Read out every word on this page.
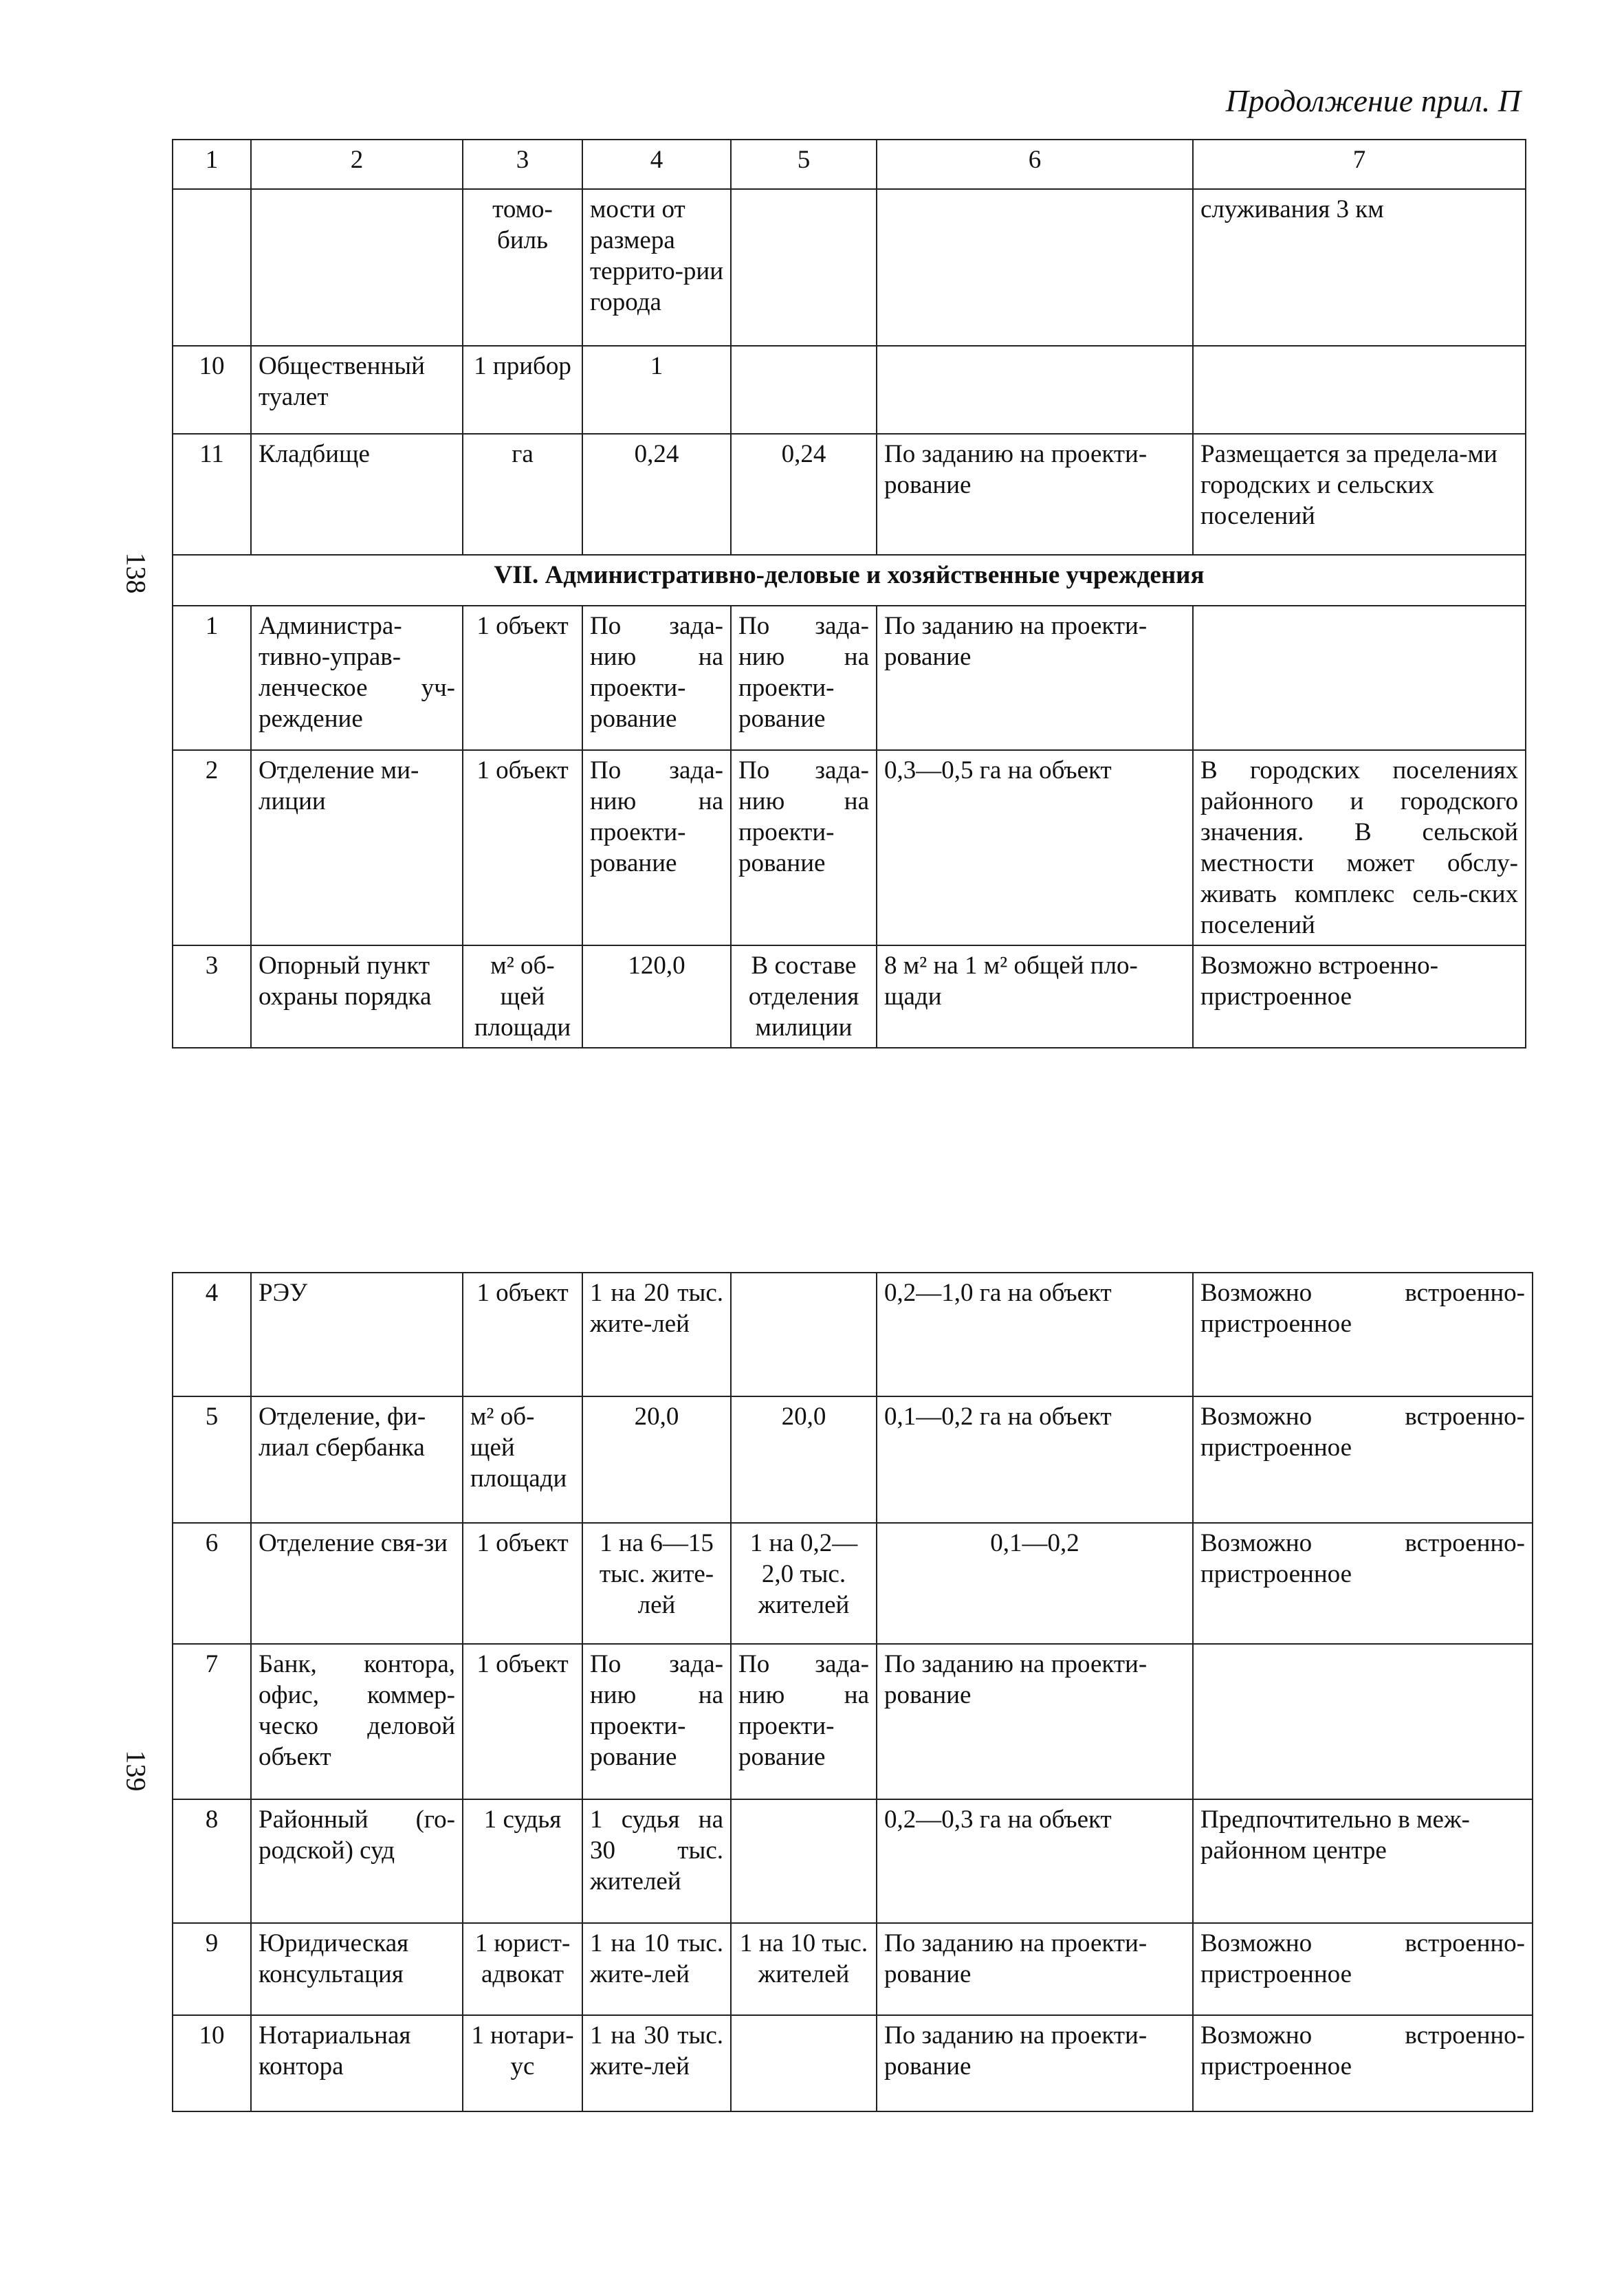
Продолжение прил. П
138
139
1	2	3	4	5	6	7
		томо-биль	мости от размера террито-рии города			служивания 3 км
10	Общественный туалет	1 прибор	1			
11	Кладбище	га	0,24	0,24	По заданию на проекти-рование	Размещается за предела-ми городских и сельских поселений
VII. Административно-деловые и хозяйственные учреждения						
1	Администра-тивно-управ-ленческое уч-реждение	1 объект	По зада-нию на проекти-рование	По зада-нию на проекти-рование	По заданию на проекти-рование	
2	Отделение ми-лиции	1 объект	По зада-нию на проекти-рование	По зада-нию на проекти-рование	0,3—0,5 га на объект	В городских поселениях районного и городского значения. В сельской местности может обслу-живать комплекс сель-ских поселений
3	Опорный пункт охраны порядка	м² об-щей площади	120,0	В составе отделения милиции	8 м² на 1 м² общей пло-щади	Возможно встроенно-пристроенное
4	РЭУ	1 объект	1 на 20 тыс. жите-лей		0,2—1,0 га на объект	Возможно встроенно-пристроенное
5	Отделение, фи-лиал сбербанка	м² об-щей площади	20,0	20,0	0,1—0,2 га на объект	Возможно встроенно-пристроенное
6	Отделение свя-зи	1 объект	1 на 6—15 тыс. жите-лей	1 на 0,2— 2,0 тыс. жителей	0,1—0,2	Возможно встроенно-пристроенное
7	Банк, контора, офис, коммер-ческо деловой объект	1 объект	По зада-нию на проекти-рование	По зада-нию на проекти-рование	По заданию на проекти-рование	
8	Районный (го-родской) суд	1 судья	1 судья на 30 тыс. жителей		0,2—0,3 га на объект	Предпочтительно в меж-районном центре
9	Юридическая консультация	1 юрист-адвокат	1 на 10 тыс. жите-лей	1 на 10 тыс. жителей	По заданию на проекти-рование	Возможно встроенно-пристроенное
10	Нотариальная контора	1 нотари-ус	1 на 30 тыс. жите-лей		По заданию на проекти-рование	Возможно встроенно-пристроенное
